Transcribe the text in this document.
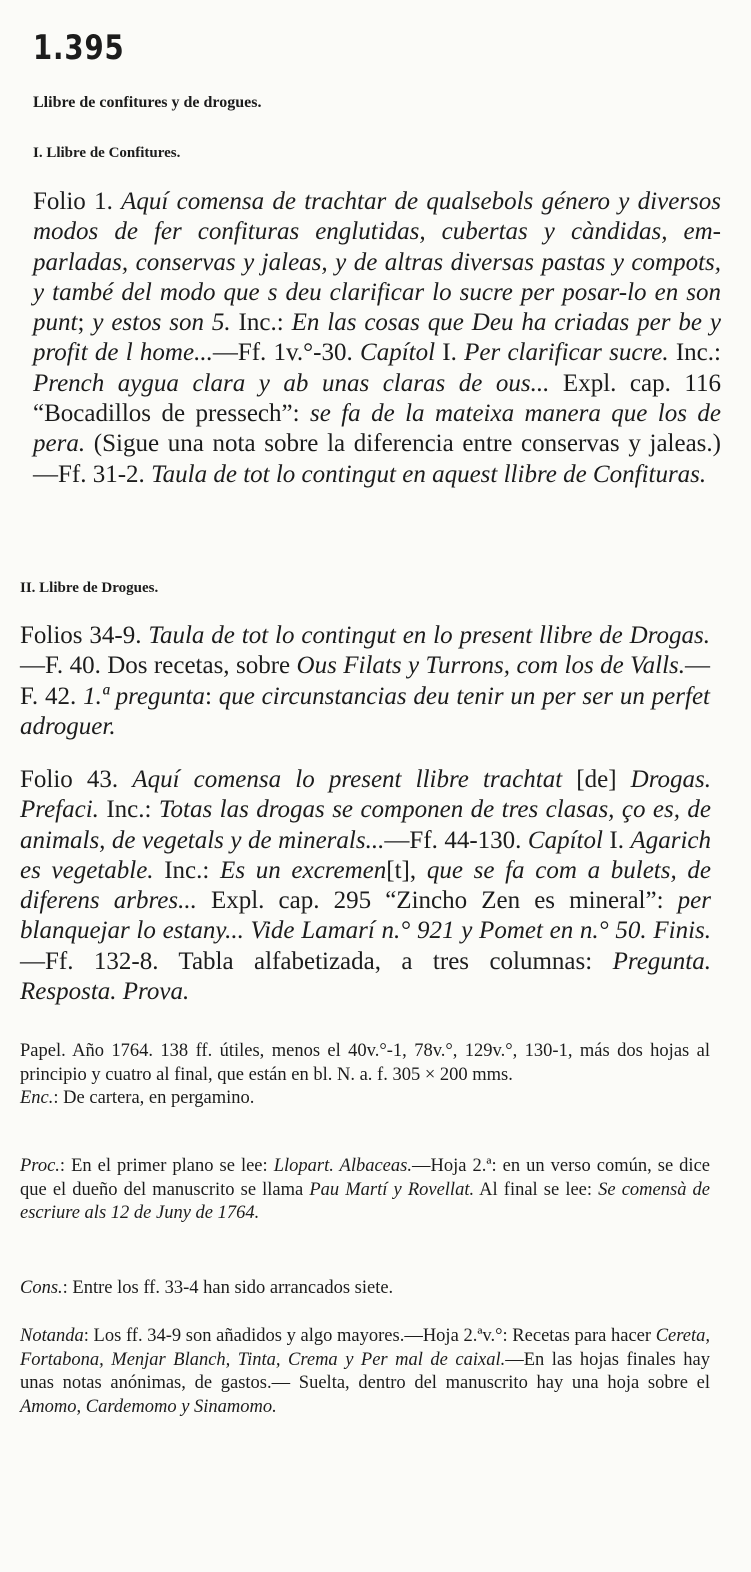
1.395
Llibre de confitures y de drogues.
I. Llibre de Confitures.

Folio 1. Aquí comensa de trachtar de qualsebols género y diversos modos de fer confituras englutidas, cubertas y càndidas, emparladas, conservas y jaleas, y de altras diversas pastas y compots, y també del modo que s deu clarificar lo sucre per posar-lo en son punt; y estos son 5. Inc.: En las cosas que Deu ha criadas per be y profit de l home...—Ff. 1v.°-30. Capítol I. Per clarificar sucre. Inc.: Prench aygua clara y ab unas claras de ous... Expl. cap. 116 “Bocadillos de pressech”: se fa de la mateixa manera que los de pera. (Sigue una nota sobre la diferencia entre conservas y jaleas.)—Ff. 31-2. Taula de tot lo contingut en aquest llibre de Confituras.

II. Llibre de Drogues.

Folios 34-9. Taula de tot lo contingut en lo present llibre de Drogas.—F. 40. Dos recetas, sobre Ous Filats y Turrons, com los de Valls.—F. 42. 1.ª pregunta: que circunstancias deu tenir un per ser un perfet adroguer.

Folio 43. Aquí comensa lo present llibre trachtat [de] Drogas. Prefaci. Inc.: Totas las drogas se componen de tres clasas, ço es, de animals, de vegetals y de minerals...—Ff. 44-130. Capítol I. Agarich es vegetable. Inc.: Es un excremen[t], que se fa com a bulets, de diferens arbres... Expl. cap. 295 “Zincho Zen es mineral”: per blanquejar lo estany... Vide Lamarí n.° 921 y Pomet en n.° 50. Finis.—Ff. 132-8. Tabla alfabetizada, a tres columnas: Pregunta. Resposta. Prova.

Papel. Año 1764. 138 ff. útiles, menos el 40v.°-1, 78v.°, 129v.°, 130-1, más dos hojas al principio y cuatro al final, que están en bl. N. a. f. 305 × 200 mms.
Enc.: De cartera, en pergamino.

Proc.: En el primer plano se lee: Llopart. Albaceas.—Hoja 2.ª: en un verso común, se dice que el dueño del manuscrito se llama Pau Martí y Rovellat. Al final se lee: Se comensà de escriure als 12 de Juny de 1764.

Cons.: Entre los ff. 33-4 han sido arrancados siete.

Notanda: Los ff. 34-9 son añadidos y algo mayores.—Hoja 2.ªv.°: Recetas para hacer Cereta, Fortabona, Menjar Blanch, Tinta, Crema y Per mal de caixal.—En las hojas finales hay unas notas anónimas, de gastos.— Suelta, dentro del manuscrito hay una hoja sobre el Amomo, Cardemomo y Sinamomo.
